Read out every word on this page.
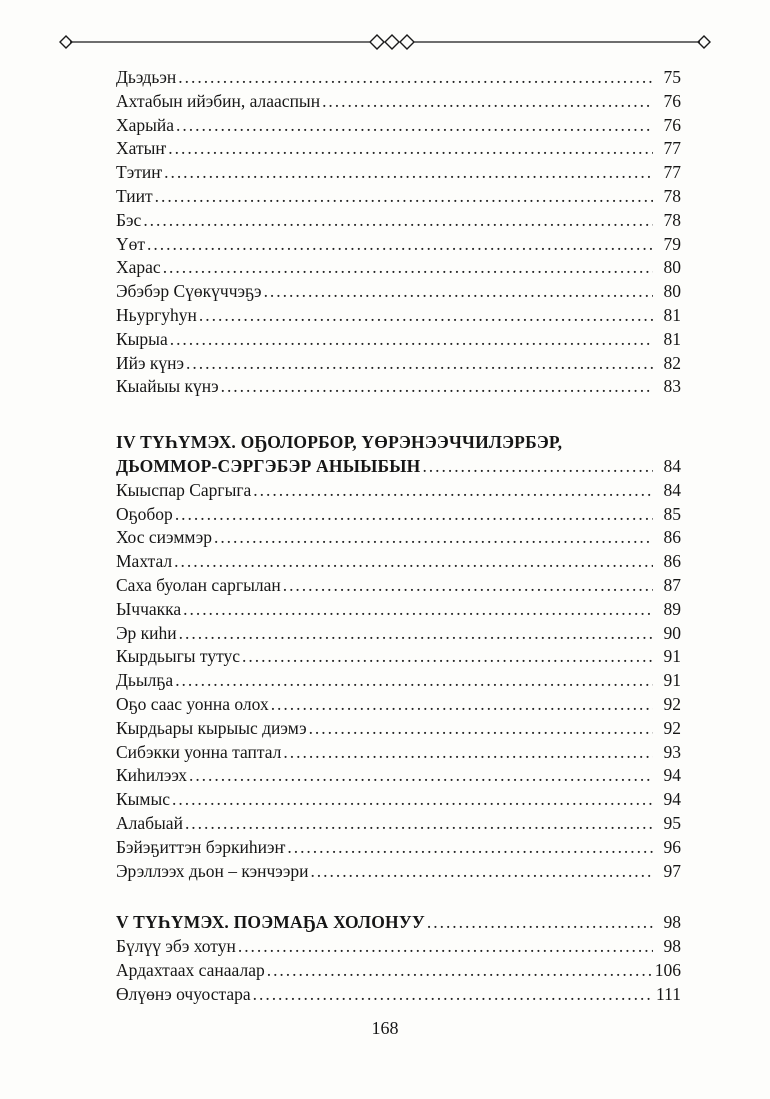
Дьэдьэн . . .	75
Ахтабын ийэбин, алааспын . . .	76
Харыйа . . .	76
Хатыҥ . . .	77
Тэтиҥ . . .	77
Тиит . . .	78
Бэс . . .	78
Үөт . . .	79
Харас . . .	80
Эбэбэр Сүөкүччэҕэ . . .	80
Ньургуһун . . .	81
Кырыа . . .	81
Ийэ күнэ . . .	82
Кыайыы күнэ . . .	83
IV ТҮҺҮМЭХ. ОҔОЛОРБОР, ҮӨРЭНЭЭЧЧИЛЭРБЭР,
ДЬОММОР-СЭРГЭБЭР АНЫЫБЫН . . .	84
Кыыспар Саргыга . . .	84
Оҕобор . . .	85
Хос сиэммэр . . .	86
Махтал . . .	86
Саха буолан саргылан . . .	87
Ыччакка . . .	89
Эр киһи . . .	90
Кырдьыгы тутус . . .	91
Дьылҕа . . .	91
Оҕо саас уонна олох . . .	92
Кырдьары кырыыс диэмэ . . .	92
Сибэкки уонна таптал . . .	93
Киһилээх . . .	94
Кымыс . . .	94
Алабыай . . .	95
Бэйэҕиттэн бэркиһиэҥ . . .	96
Эрэллээх дьон – кэнчээри . . .	97
V ТҮҺҮМЭХ. ПОЭМАҔА ХОЛОНУУ . . .	98
Бүлүү эбэ хотун . . .	98
Ардахтаах санаалар . . .	106
Өлүөнэ очуостара . . .	111
168
